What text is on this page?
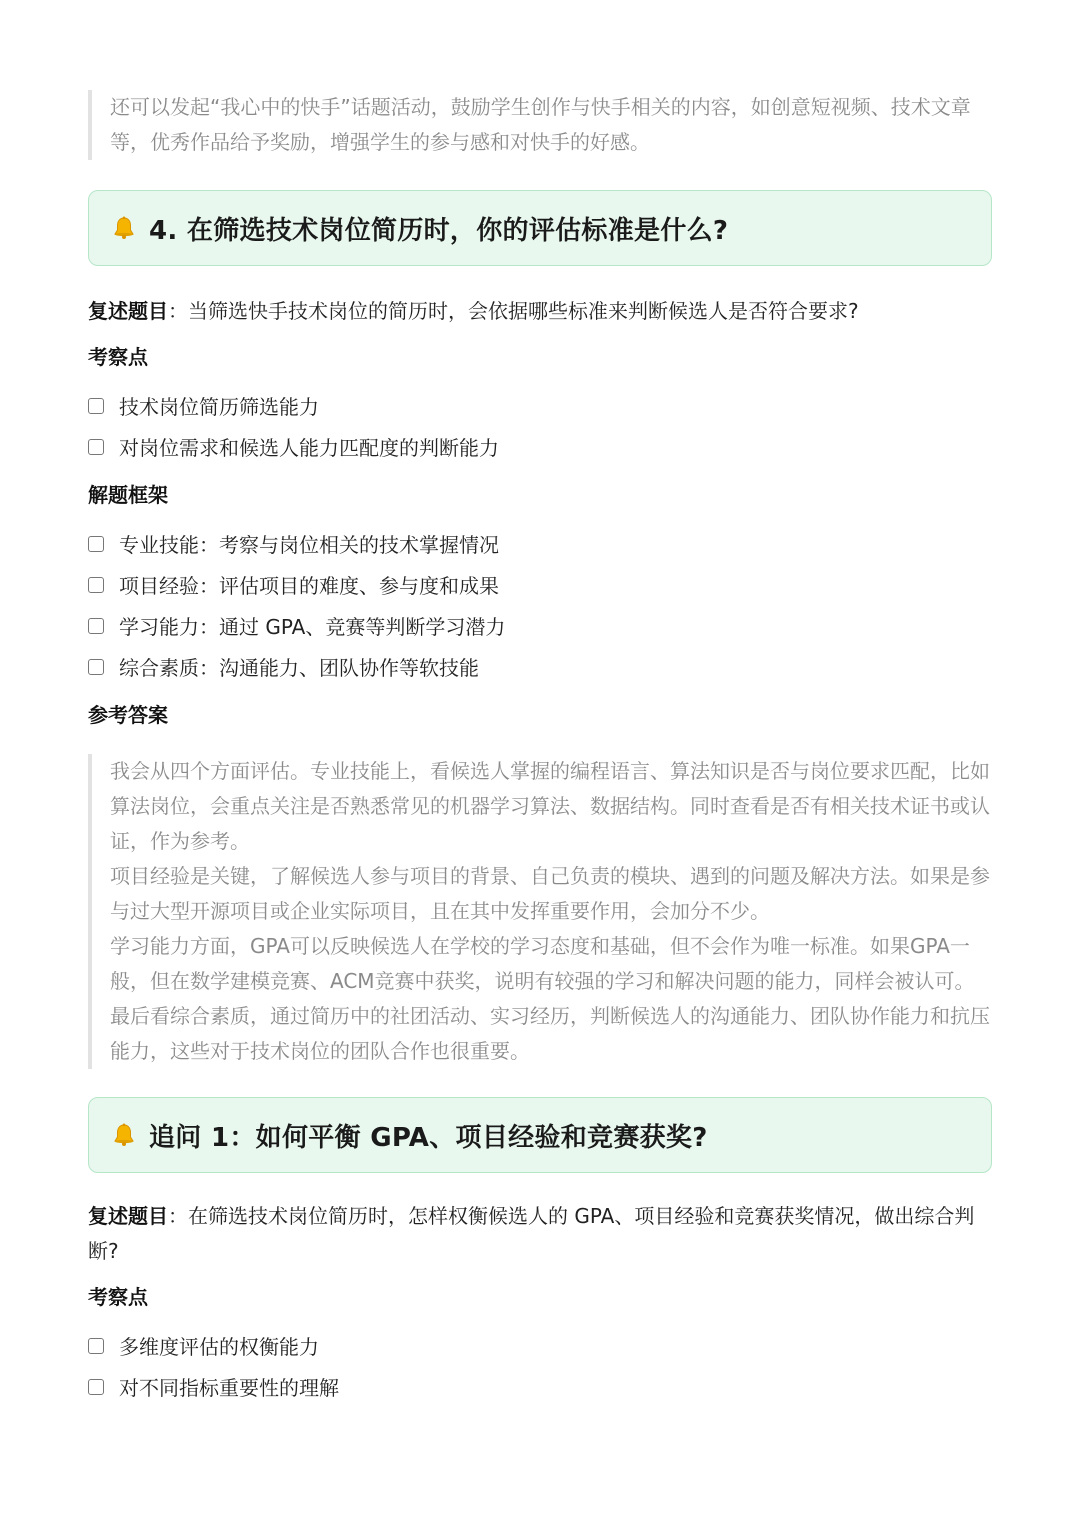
还可以发起“我心中的快手”话题活动，鼓励学生创作与快手相关的内容，如创意短视频、技术文章等，优秀作品给予奖励，增强学生的参与感和对快手的好感。

4. 在筛选技术岗位简历时，你的评估标准是什么?

复述题目：当筛选快手技术岗位的简历时，会依据哪些标准来判断候选人是否符合要求?

考察点

技术岗位简历筛选能力
对岗位需求和候选人能力匹配度的判断能力

解题框架

专业技能：考察与岗位相关的技术掌握情况
项目经验：评估项目的难度、参与度和成果
学习能力：通过 GPA、竞赛等判断学习潜力
综合素质：沟通能力、团队协作等软技能

参考答案

我会从四个方面评估。专业技能上，看候选人掌握的编程语言、算法知识是否与岗位要求匹配，比如算法岗位，会重点关注是否熟悉常见的机器学习算法、数据结构。同时查看是否有相关技术证书或认证，作为参考。

项目经验是关键，了解候选人参与项目的背景、自己负责的模块、遇到的问题及解决方法。如果是参与过大型开源项目或企业实际项目，且在其中发挥重要作用，会加分不少。

学习能力方面，GPA可以反映候选人在学校的学习态度和基础，但不会作为唯一标准。如果GPA一般，但在数学建模竞赛、ACM竞赛中获奖，说明有较强的学习和解决问题的能力，同样会被认可。

最后看综合素质，通过简历中的社团活动、实习经历，判断候选人的沟通能力、团队协作能力和抗压能力，这些对于技术岗位的团队合作也很重要。

追问 1：如何平衡 GPA、项目经验和竞赛获奖?

复述题目：在筛选技术岗位简历时，怎样权衡候选人的 GPA、项目经验和竞赛获奖情况，做出综合判断?

考察点

多维度评估的权衡能力
对不同指标重要性的理解
